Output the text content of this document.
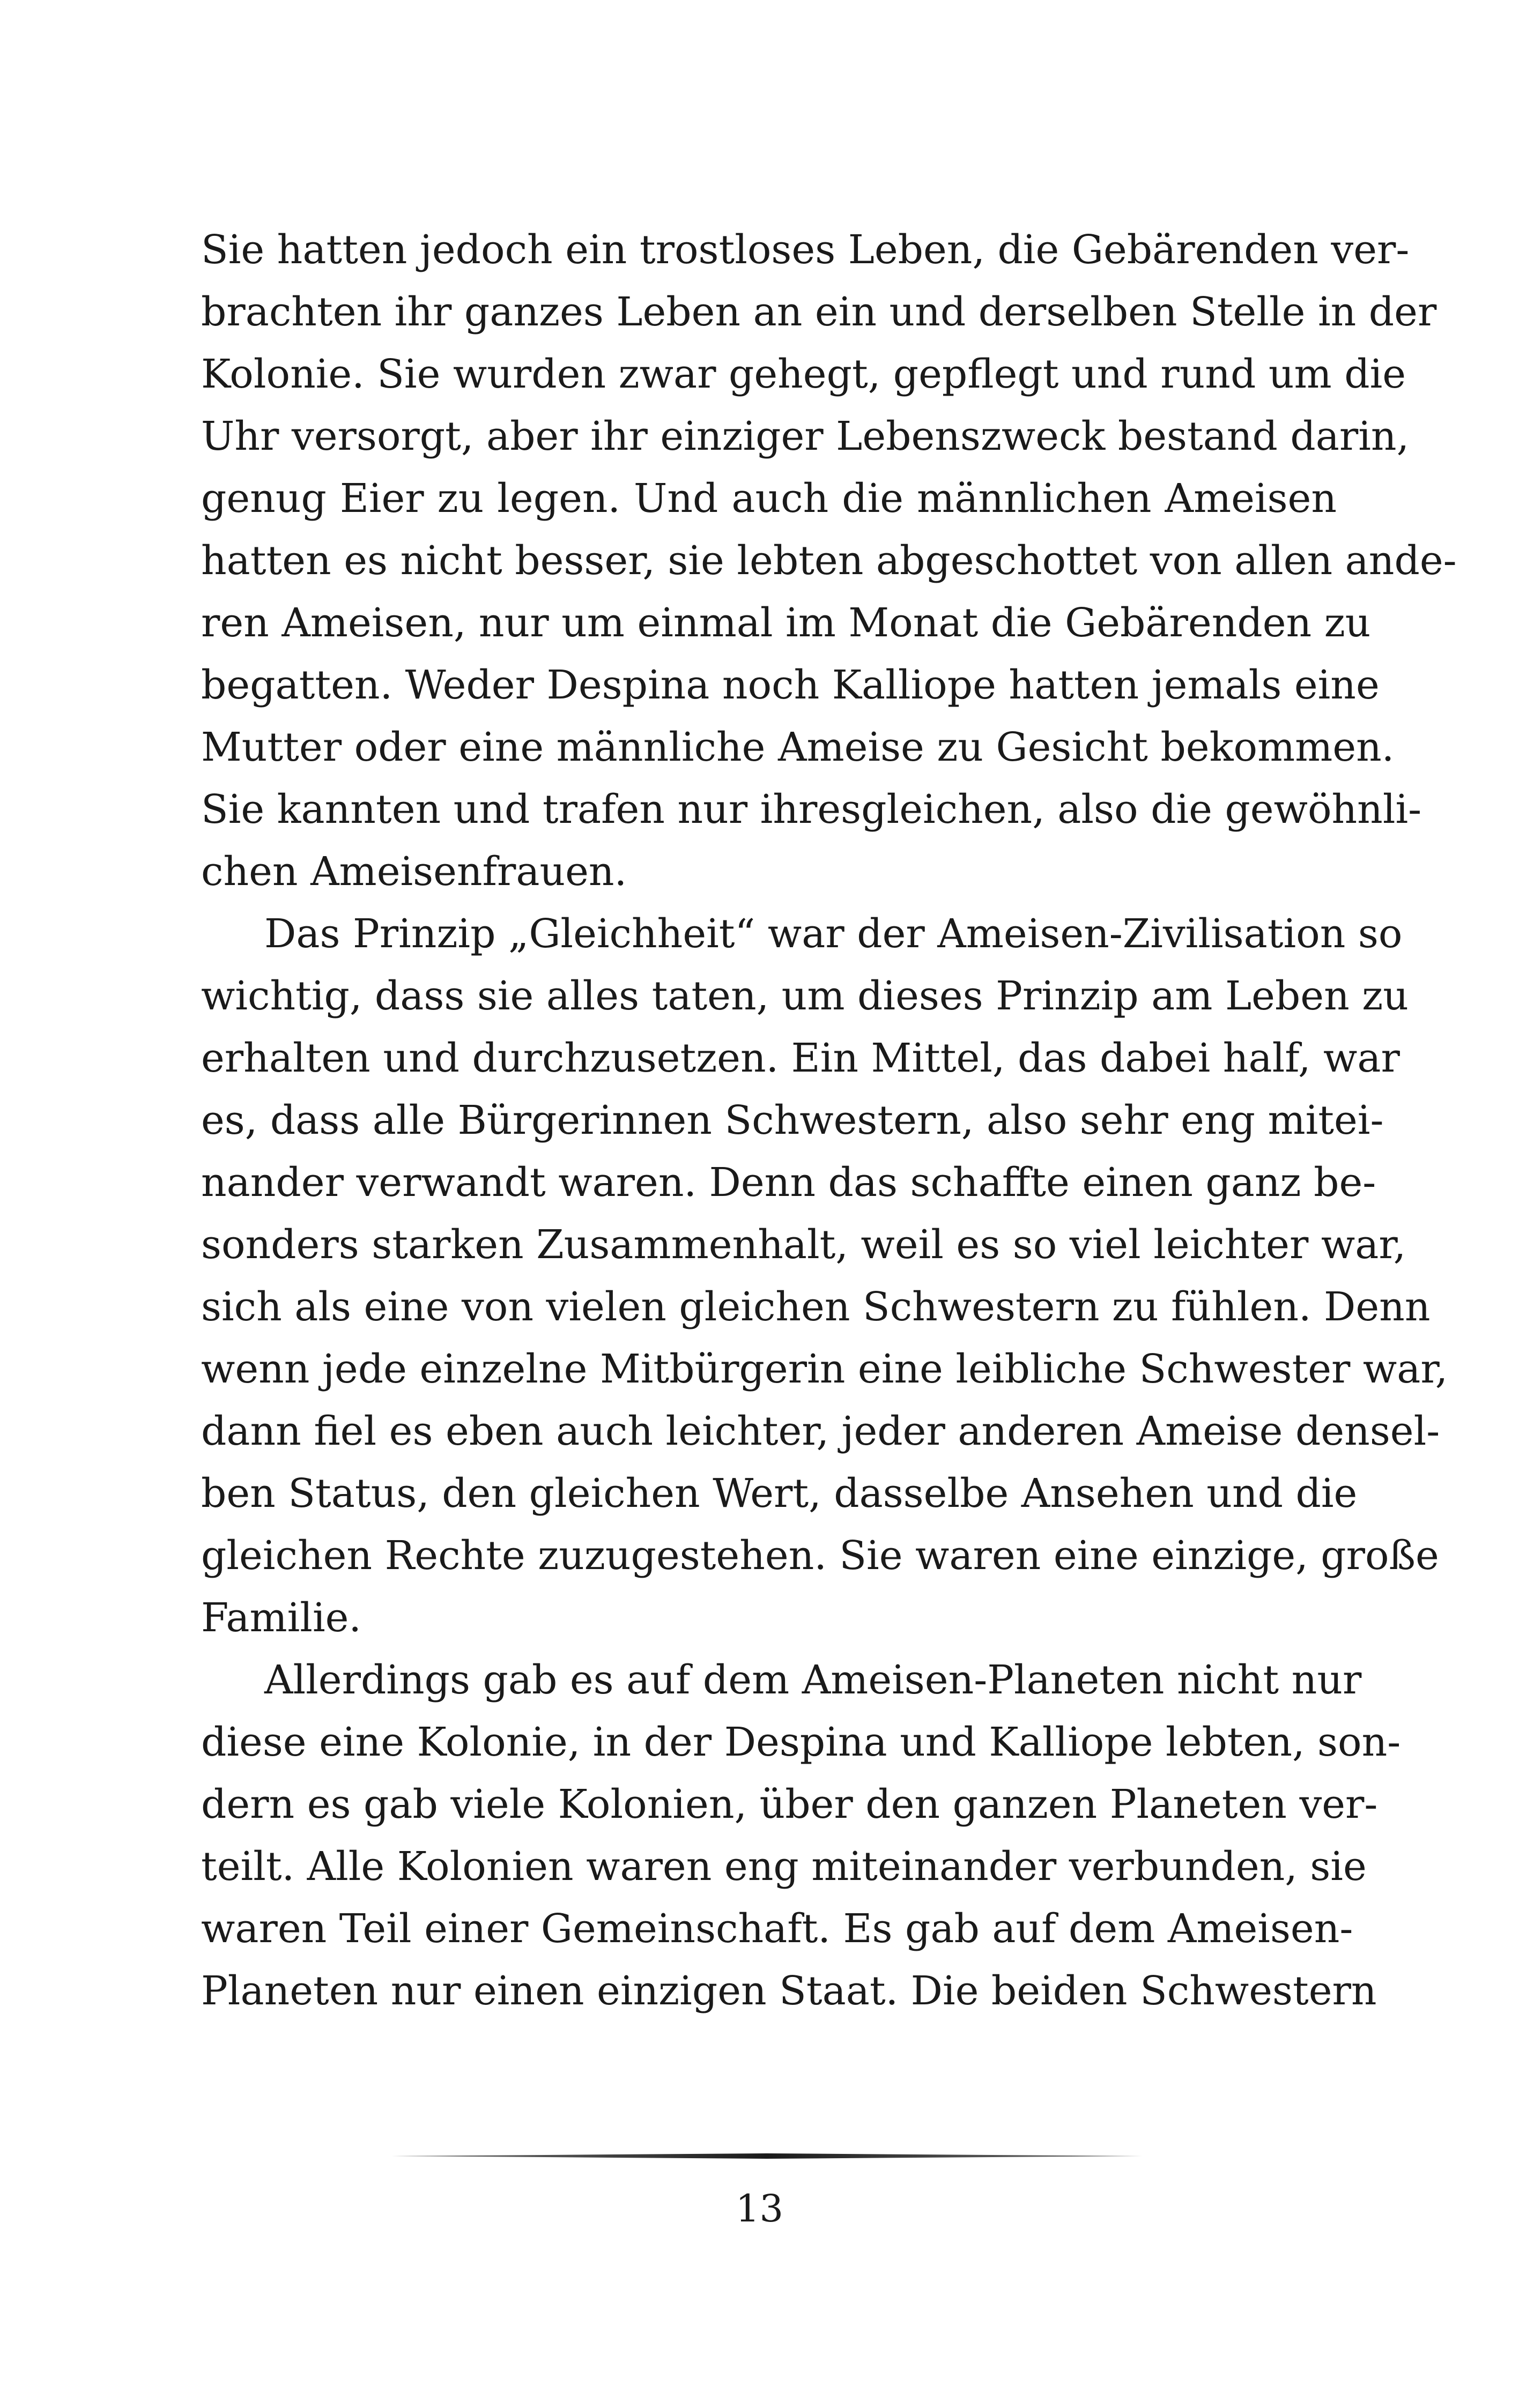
Sie hatten jedoch ein trostloses Leben, die Gebärenden ver-
brachten ihr ganzes Leben an ein und derselben Stelle in der
Kolonie. Sie wurden zwar gehegt, gepflegt und rund um die
Uhr versorgt, aber ihr einziger Lebenszweck bestand darin,
genug Eier zu legen. Und auch die männlichen Ameisen
hatten es nicht besser, sie lebten abgeschottet von allen ande-
ren Ameisen, nur um einmal im Monat die Gebärenden zu
begatten. Weder Despina noch Kalliope hatten jemals eine
Mutter oder eine männliche Ameise zu Gesicht bekommen.
Sie kannten und trafen nur ihresgleichen, also die gewöhnli-
chen Ameisenfrauen.
Das Prinzip „Gleichheit“ war der Ameisen-Zivilisation so
wichtig, dass sie alles taten, um dieses Prinzip am Leben zu
erhalten und durchzusetzen. Ein Mittel, das dabei half, war
es, dass alle Bürgerinnen Schwestern, also sehr eng mitei-
nander verwandt waren. Denn das schaffte einen ganz be-
sonders starken Zusammenhalt, weil es so viel leichter war,
sich als eine von vielen gleichen Schwestern zu fühlen. Denn
wenn jede einzelne Mitbürgerin eine leibliche Schwester war,
dann fiel es eben auch leichter, jeder anderen Ameise densel-
ben Status, den gleichen Wert, dasselbe Ansehen und die
gleichen Rechte zuzugestehen. Sie waren eine einzige, große
Familie.
Allerdings gab es auf dem Ameisen-Planeten nicht nur
diese eine Kolonie, in der Despina und Kalliope lebten, son-
dern es gab viele Kolonien, über den ganzen Planeten ver-
teilt. Alle Kolonien waren eng miteinander verbunden, sie
waren Teil einer Gemeinschaft. Es gab auf dem Ameisen-
Planeten nur einen einzigen Staat. Die beiden Schwestern
13
